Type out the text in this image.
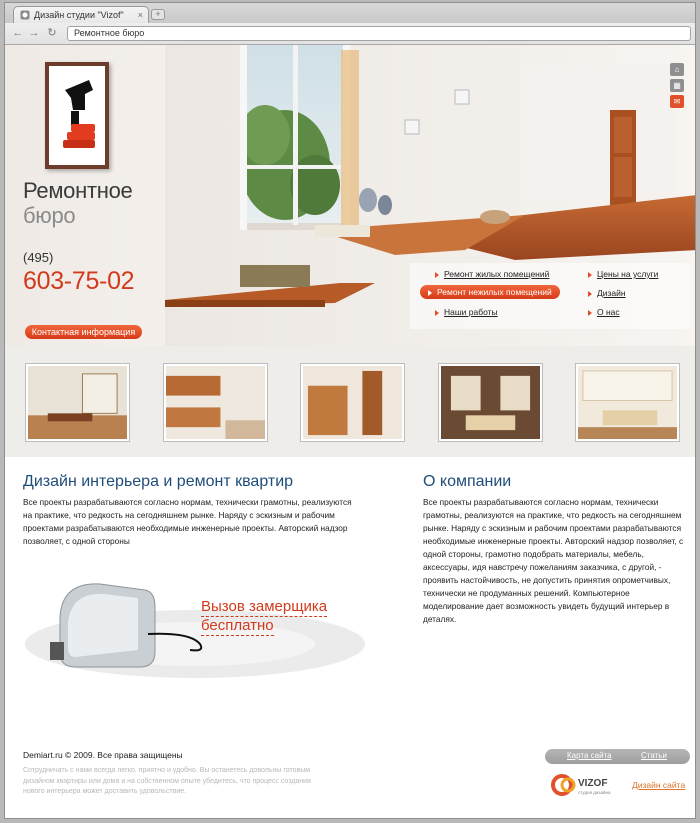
Дизайн студии "Vizof" ×	+
← → ↻	Ремонтное бюро
Ремонтное
бюро
(495)
603-75-02
Контактная информация
⌂
▦
✉
Ремонт жилых помещений
Ремонт нежилых помещений
Наши работы
Цены на услуги
Дизайн
О нас
Дизайн интерьера и ремонт квартир
Все проекты разрабатываются согласно нормам, технически грамотны, реализуются на практике, что редкость на сегодняшнем рынке. Наряду с эскизным и рабочим проектами разрабатываются необходимые инженерные проекты. Авторский надзор позволяет, с одной стороны
Вызов замерщика
бесплатно
О компании
Все проекты разрабатываются согласно нормам, технически грамотны, реализуются на практике, что редкость на сегодняшнем рынке. Наряду с эскизным и рабочим проектами разрабатываются необходимые инженерные проекты. Авторский надзор позволяет, с одной стороны, грамотно подобрать материалы, мебель, аксессуары, идя навстречу пожеланиям заказчика, с другой, - проявить настойчивость, не допустить принятия опрометчивых, технически не продуманных решений. Компьютерное моделирование дает возможность увидеть будущий интерьер в деталях.
Demiart.ru © 2009. Все права защищены
Сотрудничать с нами всегда легко, приятно и удобно. Вы останетесь довольны готовым дизайном квартиры или дома и на собственном опыте убедитесь, что процесс создания нового интерьера может доставить удовольствие.
Карта сайта	Статьи
VIZOF
студия дизайна
Дизайн сайта
